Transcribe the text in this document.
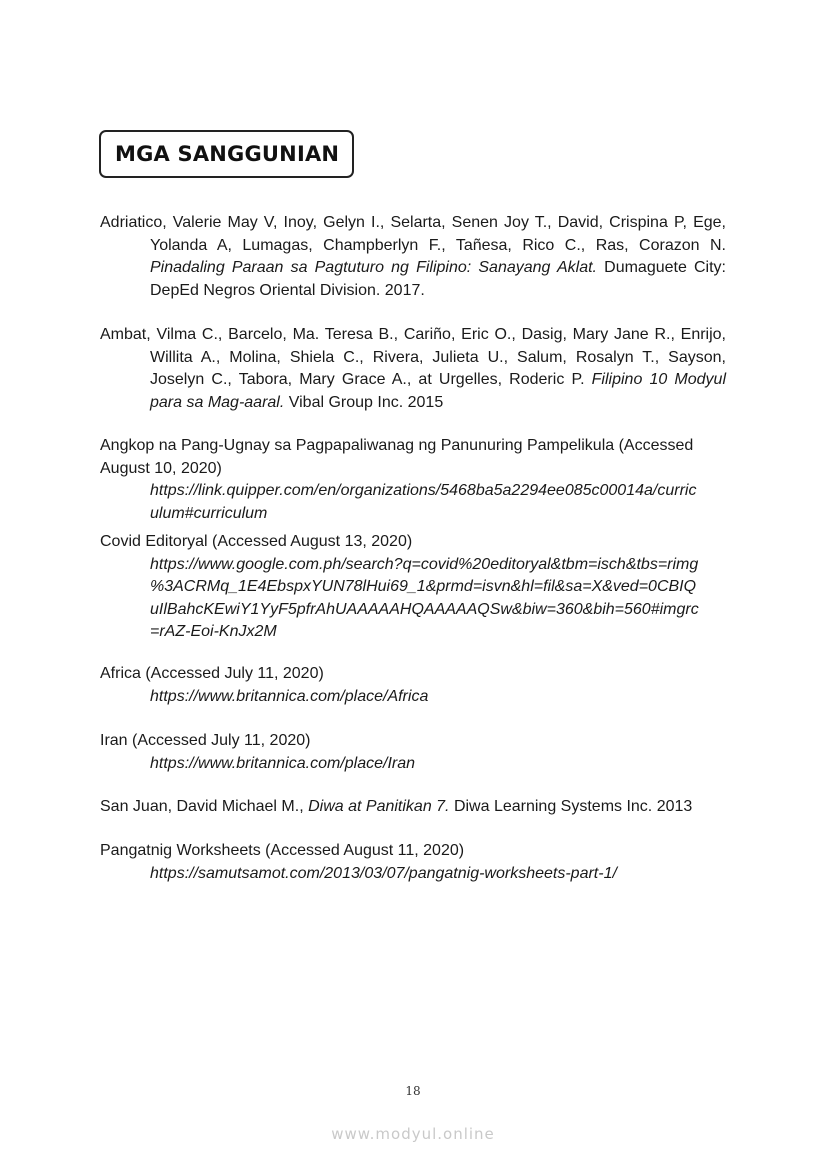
MGA SANGGUNIAN

Adriatico, Valerie May V, Inoy, Gelyn I., Selarta, Senen Joy T., David, Crispina P, Ege,

Yolanda A, Lumagas, Champberlyn F., Tañesa, Rico C., Ras, Corazon N.

Pinadaling Paraan sa Pagtuturo ng Filipino: Sanayang Aklat. Dumaguete City:

DepEd Negros Oriental Division. 2017.

Ambat, Vilma C., Barcelo, Ma. Teresa B., Cariño, Eric O., Dasig, Mary Jane R., Enrijo,

Willita A., Molina, Shiela C., Rivera, Julieta U., Salum, Rosalyn T., Sayson,

Joselyn C., Tabora, Mary Grace A., at Urgelles, Roderic P. Filipino 10 Modyul

para sa Mag-aaral. Vibal Group Inc. 2015

Angkop na Pang-Ugnay sa Pagpapaliwanag ng Panunuring Pampelikula (Accessed

August 10, 2020)

https://link.quipper.com/en/organizations/5468ba5a2294ee085c00014a/curric

ulum#curriculum

Covid Editoryal (Accessed August 13, 2020)

https://www.google.com.ph/search?q=covid%20editoryal&tbm=isch&tbs=rimg

%3ACRMq_1E4EbspxYUN78lHui69_1&prmd=isvn&hl=fil&sa=X&ved=0CBIQ

uIlBahcKEwiY1YyF5pfrAhUAAAAAHQAAAAAQSw&biw=360&bih=560#imgrc

=rAZ-Eoi-KnJx2M

Africa (Accessed July 11, 2020)

https://www.britannica.com/place/Africa

Iran (Accessed July 11, 2020)

https://www.britannica.com/place/Iran

San Juan, David Michael M., Diwa at Panitikan 7. Diwa Learning Systems Inc. 2013

Pangatnig Worksheets (Accessed August 11, 2020)

https://samutsamot.com/2013/03/07/pangatnig-worksheets-part-1/

18
www.modyul.online
